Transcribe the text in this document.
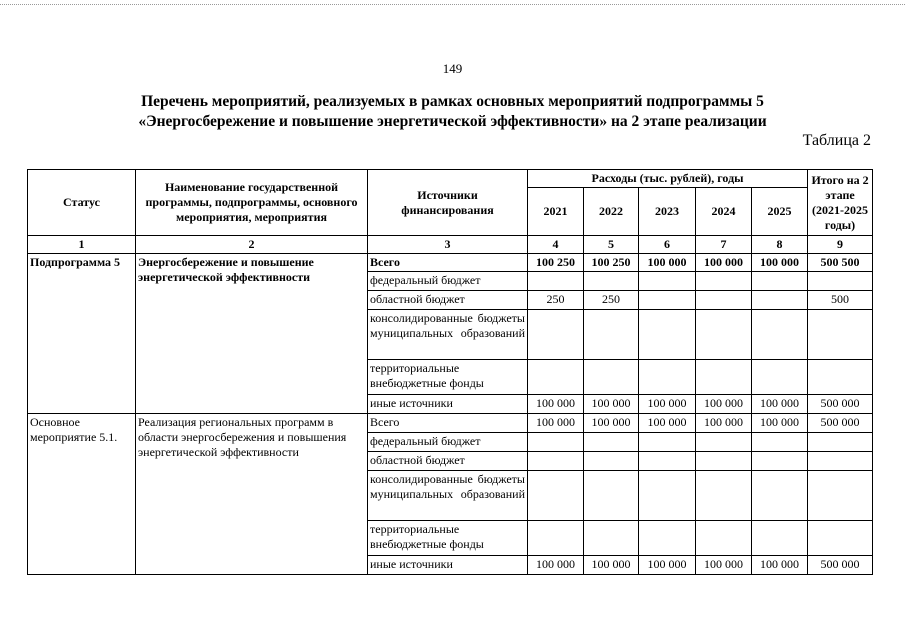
149
Перечень мероприятий, реализуемых в рамках основных мероприятий подпрограммы 5
«Энергосбережение и повышение энергетической эффективности» на 2 этапе реализации
Таблица 2
Статус	Наименование государственной программы, подпрограммы, основного мероприятия, мероприятия	Источники финансирования	Расходы (тыс. рублей), годы					Итого на 2 этапе (2021-2025 годы)
			2021	2022	2023	2024	2025	
1	2	3	4	5	6	7	8	9
Подпрограмма 5	Энергосбережение и повышение энергетической эффективности	Всего	100 250	100 250	100 000	100 000	100 000	500 500
		федеральный бюджет						
		областной бюджет	250	250				500
		консолидированные бюджеты муниципальных образований						
		территориальные внебюджетные фонды						
		иные источники	100 000	100 000	100 000	100 000	100 000	500 000
Основное мероприятие 5.1.	Реализация региональных программ в области энергосбережения и повышения энергетической эффективности	Всего	100 000	100 000	100 000	100 000	100 000	500 000
		федеральный бюджет						
		областной бюджет						
		консолидированные бюджеты муниципальных образований						
		территориальные внебюджетные фонды						
		иные источники	100 000	100 000	100 000	100 000	100 000	500 000
